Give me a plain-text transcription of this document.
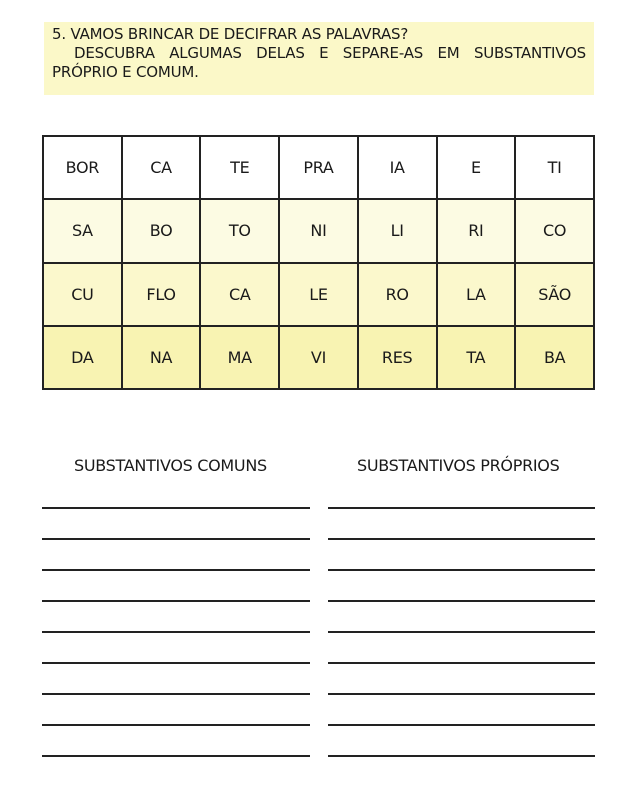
5. VAMOS BRINCAR DE DECIFRAR AS PALAVRAS?
DESCUBRA ALGUMAS DELAS E SEPARE-AS EM SUBSTANTIVOS
PRÓPRIO E COMUM.
BOR	CA	TE	PRA	IA	E	TI
SA	BO	TO	NI	LI	RI	CO
CU	FLO	CA	LE	RO	LA	SÃO
DA	NA	MA	VI	RES	TA	BA
SUBSTANTIVOS COMUNS	SUBSTANTIVOS PRÓPRIOS
